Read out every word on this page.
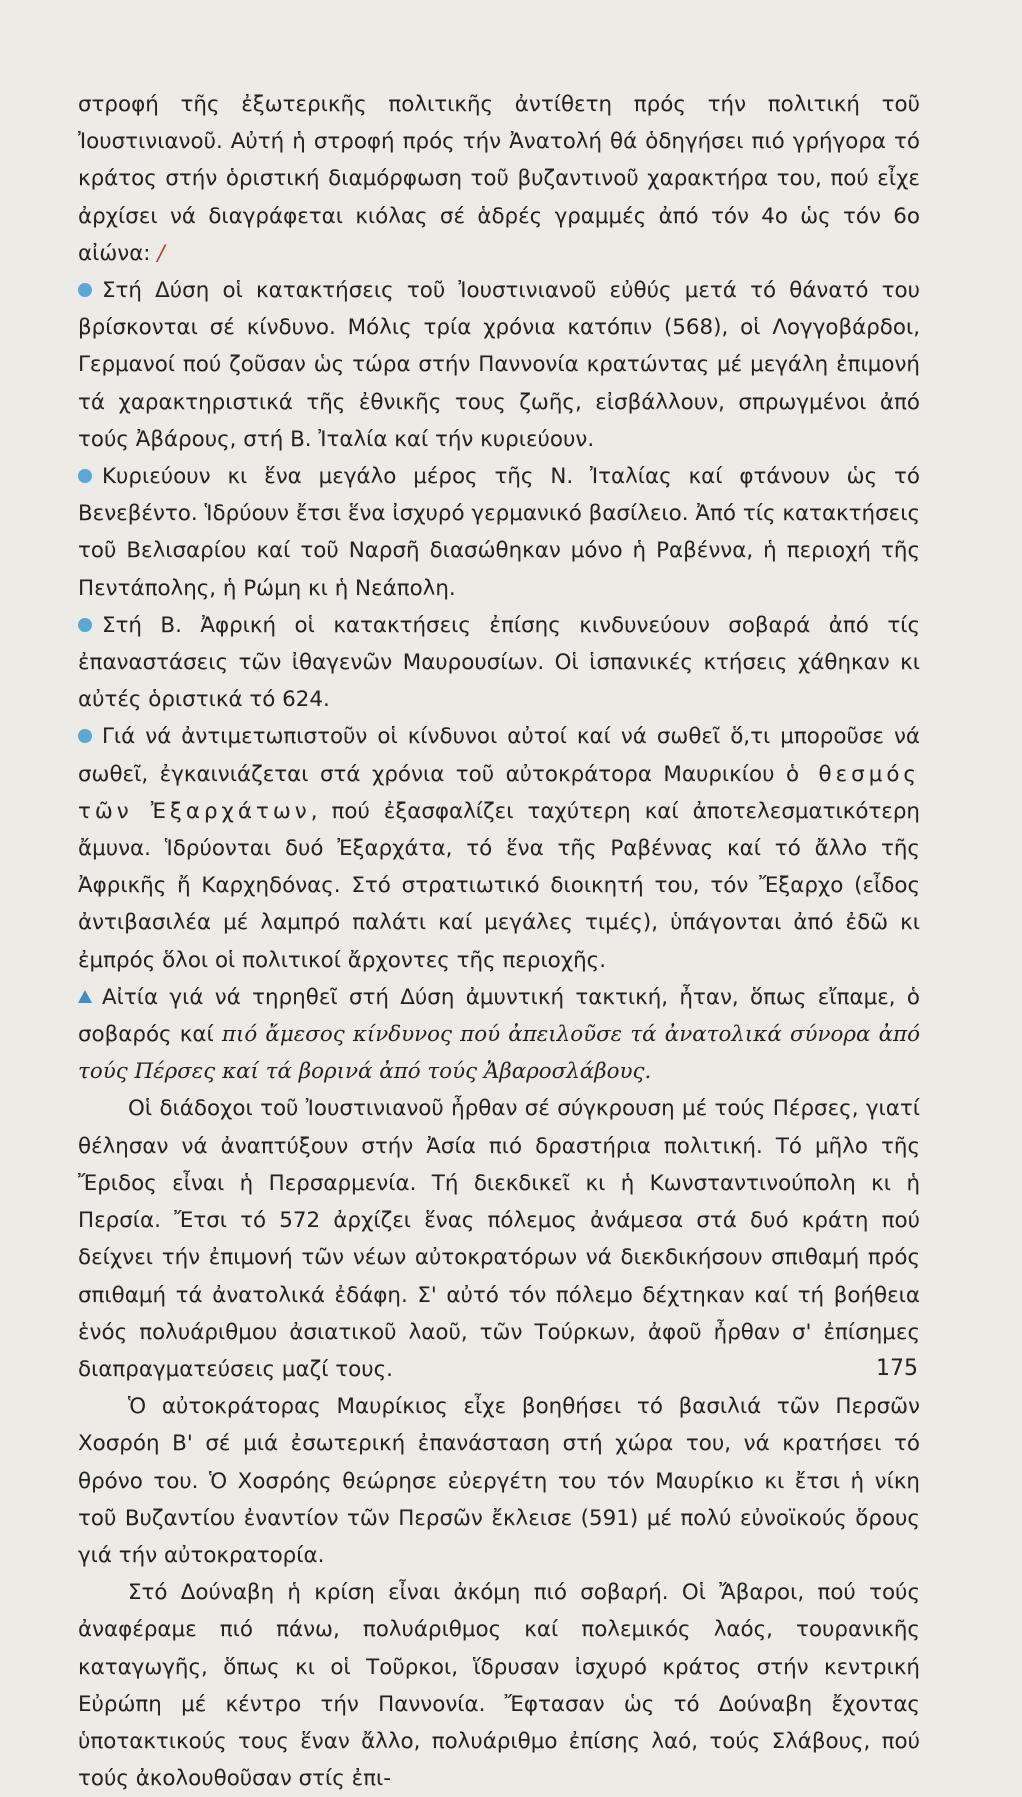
στροφή τῆς ἐξωτερικῆς πολιτικῆς ἀντίθετη πρός τήν πολιτική τοῦ Ἰουστινιανοῦ. Αὐτή ἡ στροφή πρός τήν Ἀνατολή θά ὁδηγήσει πιό γρήγορα τό κράτος στήν ὁριστική διαμόρφωση τοῦ βυζαντινοῦ χαρακτήρα του, πού εἶχε ἀρχίσει νά διαγράφεται κιόλας σέ ἁδρές γραμμές ἀπό τόν 4ο ὡς τόν 6ο αἰώνα: /

Στή Δύση οἱ κατακτήσεις τοῦ Ἰουστινιανοῦ εὐθύς μετά τό θάνατό του βρίσκονται σέ κίνδυνο. Μόλις τρία χρόνια κατόπιν (568), οἱ Λογγοβάρδοι, Γερμανοί πού ζοῦσαν ὡς τώρα στήν Παννονία κρατώντας μέ μεγάλη ἐπιμονή τά χαρακτηριστικά τῆς ἐθνικῆς τους ζωῆς, εἰσβάλλουν, σπρωγμένοι ἀπό τούς Ἀβάρους, στή Β. Ἰταλία καί τήν κυριεύουν.

Κυριεύουν κι ἕνα μεγάλο μέρος τῆς Ν. Ἰταλίας καί φτάνουν ὡς τό Βενεβέντο. Ἱδρύουν ἔτσι ἕνα ἰσχυρό γερμανικό βασίλειο. Ἀπό τίς κατακτήσεις τοῦ Βελισαρίου καί τοῦ Ναρσῆ διασώθηκαν μόνο ἡ Ραβέννα, ἡ περιοχή τῆς Πεντάπολης, ἡ Ρώμη κι ἡ Νεάπολη.

Στή Β. Ἀφρική οἱ κατακτήσεις ἐπίσης κινδυνεύουν σοβαρά ἀπό τίς ἐπαναστάσεις τῶν ἰθαγενῶν Μαυρουσίων. Οἱ ἱσπανικές κτήσεις χάθηκαν κι αὐτές ὁριστικά τό 624.

Γιά νά ἀντιμετωπιστοῦν οἱ κίνδυνοι αὐτοί καί νά σωθεῖ ὅ,τι μποροῦσε νά σωθεῖ, ἐγκαινιάζεται στά χρόνια τοῦ αὐτοκράτορα Μαυρικίου ὁ θεσμός τῶν Ἐξαρχάτων, πού ἐξασφαλίζει ταχύτερη καί ἀποτελεσματικότερη ἄμυνα. Ἱδρύονται δυό Ἐξαρχάτα, τό ἕνα τῆς Ραβέννας καί τό ἄλλο τῆς Ἀφρικῆς ἤ Καρχηδόνας. Στό στρατιωτικό διοικητή του, τόν Ἔξαρχο (εἶδος ἀντιβασιλέα μέ λαμπρό παλάτι καί μεγάλες τιμές), ὑπάγονται ἀπό ἐδῶ κι ἐμπρός ὅλοι οἱ πολιτικοί ἄρχοντες τῆς περιοχῆς.

Αἰτία γιά νά τηρηθεῖ στή Δύση ἀμυντική τακτική, ἦταν, ὅπως εἴπαμε, ὁ σοβαρός καί πιό ἄμεσος κίνδυνος πού ἀπειλοῦσε τά ἀνατολικά σύνορα ἀπό τούς Πέρσες καί τά βορινά ἀπό τούς Ἀβαροσλάβους.

Οἱ διάδοχοι τοῦ Ἰουστινιανοῦ ἦρθαν σέ σύγκρουση μέ τούς Πέρσες, γιατί θέλησαν νά ἀναπτύξουν στήν Ἀσία πιό δραστήρια πολιτική. Τό μῆλο τῆς Ἔριδος εἶναι ἡ Περσαρμενία. Τή διεκδικεῖ κι ἡ Κωνσταντινούπολη κι ἡ Περσία. Ἔτσι τό 572 ἀρχίζει ἕνας πόλεμος ἀνάμεσα στά δυό κράτη πού δείχνει τήν ἐπιμονή τῶν νέων αὐτοκρατόρων νά διεκδικήσουν σπιθαμή πρός σπιθαμή τά ἀνατολικά ἐδάφη. Σ' αὐτό τόν πόλεμο δέχτηκαν καί τή βοήθεια ἑνός πολυάριθμου ἀσιατικοῦ λαοῦ, τῶν Τούρκων, ἀφοῦ ἦρθαν σ' ἐπίσημες διαπραγματεύσεις μαζί τους.

Ὁ αὐτοκράτορας Μαυρίκιος εἶχε βοηθήσει τό βασιλιά τῶν Περσῶν Χοσρόη Β' σέ μιά ἐσωτερική ἐπανάσταση στή χώρα του, νά κρατήσει τό θρόνο του. Ὁ Χοσρόης θεώρησε εὐεργέτη του τόν Μαυρίκιο κι ἔτσι ἡ νίκη τοῦ Βυζαντίου ἐναντίον τῶν Περσῶν ἔκλεισε (591) μέ πολύ εὐνοϊκούς ὅρους γιά τήν αὐτοκρατορία.

Στό Δούναβη ἡ κρίση εἶναι ἀκόμη πιό σοβαρή. Οἱ Ἄβαροι, πού τούς ἀναφέραμε πιό πάνω, πολυάριθμος καί πολεμικός λαός, τουρανικῆς καταγωγῆς, ὅπως κι οἱ Τοῦρκοι, ἵδρυσαν ἰσχυρό κράτος στήν κεντρική Εὐρώπη μέ κέντρο τήν Παννονία. Ἔφτασαν ὡς τό Δούναβη ἔχοντας ὑποτακτικούς τους ἕναν ἄλλο, πολυάριθμο ἐπίσης λαό, τούς Σλάβους, πού τούς ἀκολουθοῦσαν στίς ἐπι-

175
